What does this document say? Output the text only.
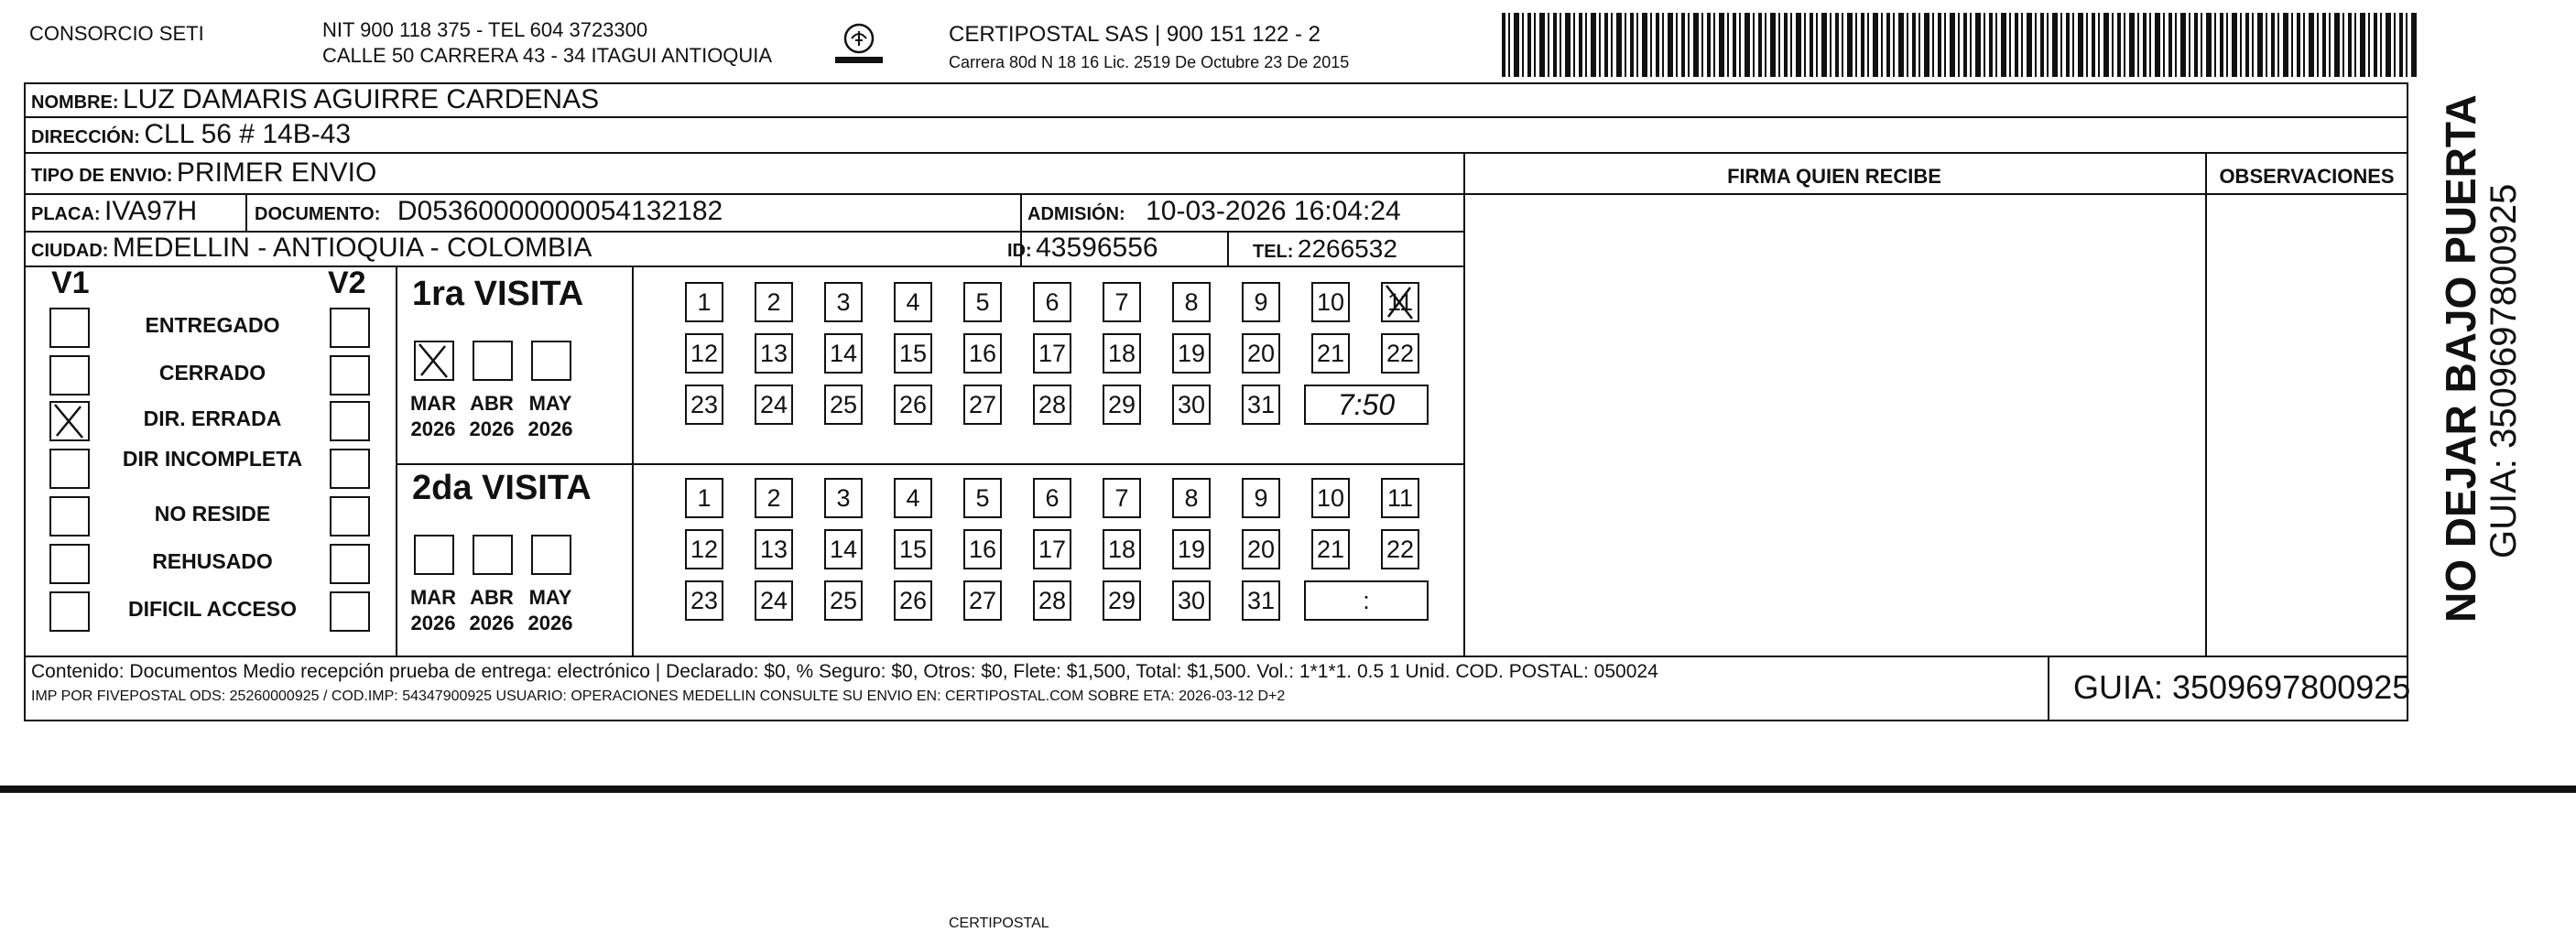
CONSORCIO SETI	NIT 900 118 375 - TEL 604 3723300
CALLE 50 CARRERA 43 - 34 ITAGUI ANTIOQUIA
CERTIPOSTAL
CERTIPOSTAL SAS | 900 151 122 - 2
Carrera 80d N 18 16 Lic. 2519 De Octubre 23 De 2015
NOMBRE: LUZ DAMARIS AGUIRRE CARDENAS
DIRECCIÓN: CLL 56 # 14B-43
TIPO DE ENVIO: PRIMER ENVIO	FIRMA QUIEN RECIBE	OBSERVACIONES
PLACA: IVA97H	DOCUMENTO: D05360000000054132182	ADMISIÓN: 10-03-2026 16:04:24
CIUDAD: MEDELLIN - ANTIOQUIA - COLOMBIA	ID: 43596556	TEL: 2266532
V1	V2 1ra VISITA
2da VISITA
Contenido: Documentos Medio recepción prueba de entrega: electrónico | Declarado: $0, % Seguro: $0, Otros: $0, Flete: $1,500, Total: $1,500. Vol.: 1*1*1. 0.5 1 Unid. COD. POSTAL: 050024
IMP POR FIVEPOSTAL ODS: 25260000925 / COD.IMP: 54347900925 USUARIO: OPERACIONES MEDELLIN CONSULTE SU ENVIO EN: CERTIPOSTAL.COM SOBRE ETA: 2026-03-12 D+2	GUIA: 3509697800925
NO DEJAR BAJO PUERTA GUIA: 3509697800925
ENTREGADO
CERRADO
DIR. ERRADA
DIR INCOMPLETA
NO RESIDE
REHUSADO
DIFICIL ACCESO
MAR
2026
ABR
2026
MAY
2026
MAR
2026
ABR
2026
MAY
2026
1	2	3	4	5	6	7	8	9	10 11
12 13 14 15 16 17 18 19 20 21 22
23 24 25 26 27 28 29 30 31	7:50
1	2	3	4	5	6	7	8	9	10 11
12 13 14 15 16 17 18 19 20 21 22
23 24 25 26 27 28 29 30 31	:
